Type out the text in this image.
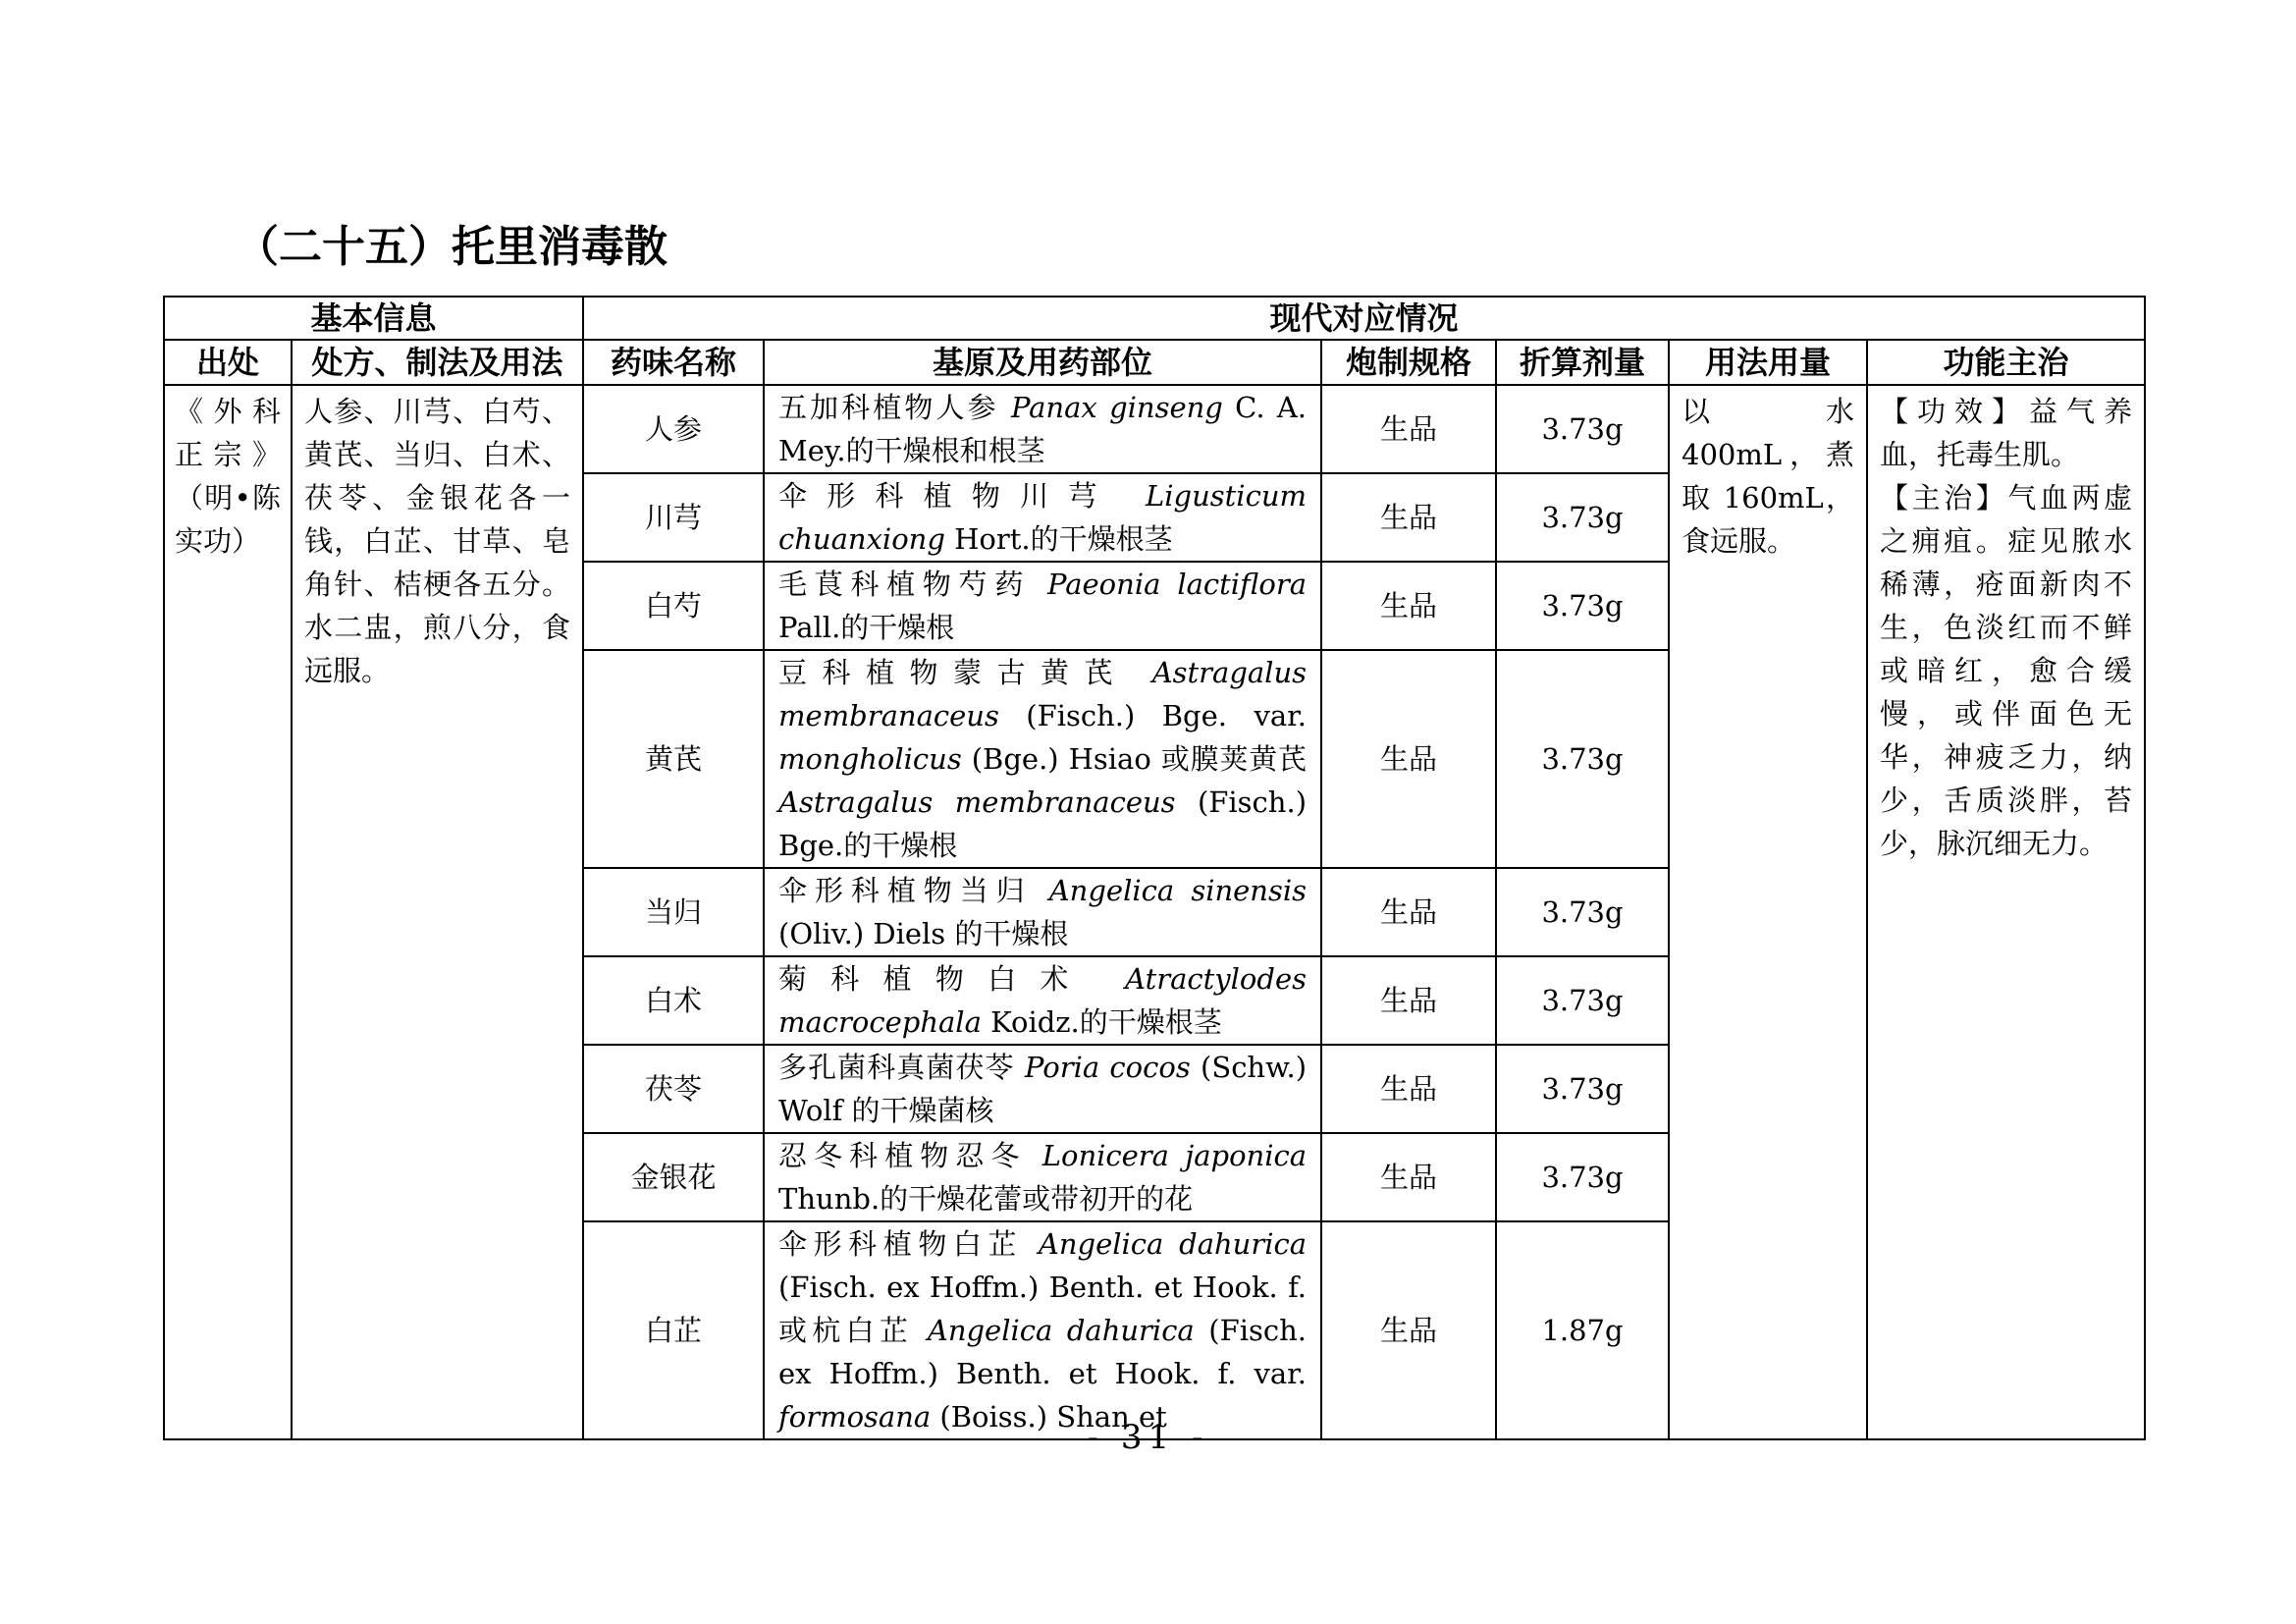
（二十五）托里消毒散
基本信息		现代对应情况					
出处	处方、制法及用法	药味名称	基原及用药部位	炮制规格	折算剂量	用法用量	功能主治
《外科正宗》（明•陈实功）	人参、川芎、白芍、黄芪、当归、白术、茯苓、金银花各一钱，白芷、甘草、皂角针、桔梗各五分。水二盅，煎八分，食远服。	人参	五加科植物人参 Panax ginseng C. A. Mey.的干燥根和根茎	生品	3.73g	以水 400mL，煮取 160mL，食远服。	【功效】益气养血，托毒生肌。
【主治】气血两虚之痈疽。症见脓水稀薄，疮面新肉不生，色淡红而不鲜或暗红，愈合缓慢，或伴面色无华，神疲乏力，纳少，舌质淡胖，苔少，脉沉细无力。
		川芎	伞形科植物川芎 Ligusticum chuanxiong Hort.的干燥根茎	生品	3.73g		
		白芍	毛茛科植物芍药 Paeonia lactiflora Pall.的干燥根	生品	3.73g		
		黄芪	豆科植物蒙古黄芪 Astragalus membranaceus (Fisch.) Bge. var. mongholicus (Bge.) Hsiao 或膜荚黄芪 Astragalus membranaceus (Fisch.) Bge.的干燥根	生品	3.73g		
		当归	伞形科植物当归 Angelica sinensis (Oliv.) Diels 的干燥根	生品	3.73g		
		白术	菊科植物白术 Atractylodes macrocephala Koidz.的干燥根茎	生品	3.73g		
		茯苓	多孔菌科真菌茯苓 Poria cocos (Schw.) Wolf 的干燥菌核	生品	3.73g		
		金银花	忍冬科植物忍冬 Lonicera japonica Thunb.的干燥花蕾或带初开的花	生品	3.73g		
		白芷	伞形科植物白芷 Angelica dahurica (Fisch. ex Hoffm.) Benth. et Hook. f.或杭白芷 Angelica dahurica (Fisch. ex Hoffm.) Benth. et Hook. f. var. formosana (Boiss.) Shan et	生品	1.87g		
- 31 -
